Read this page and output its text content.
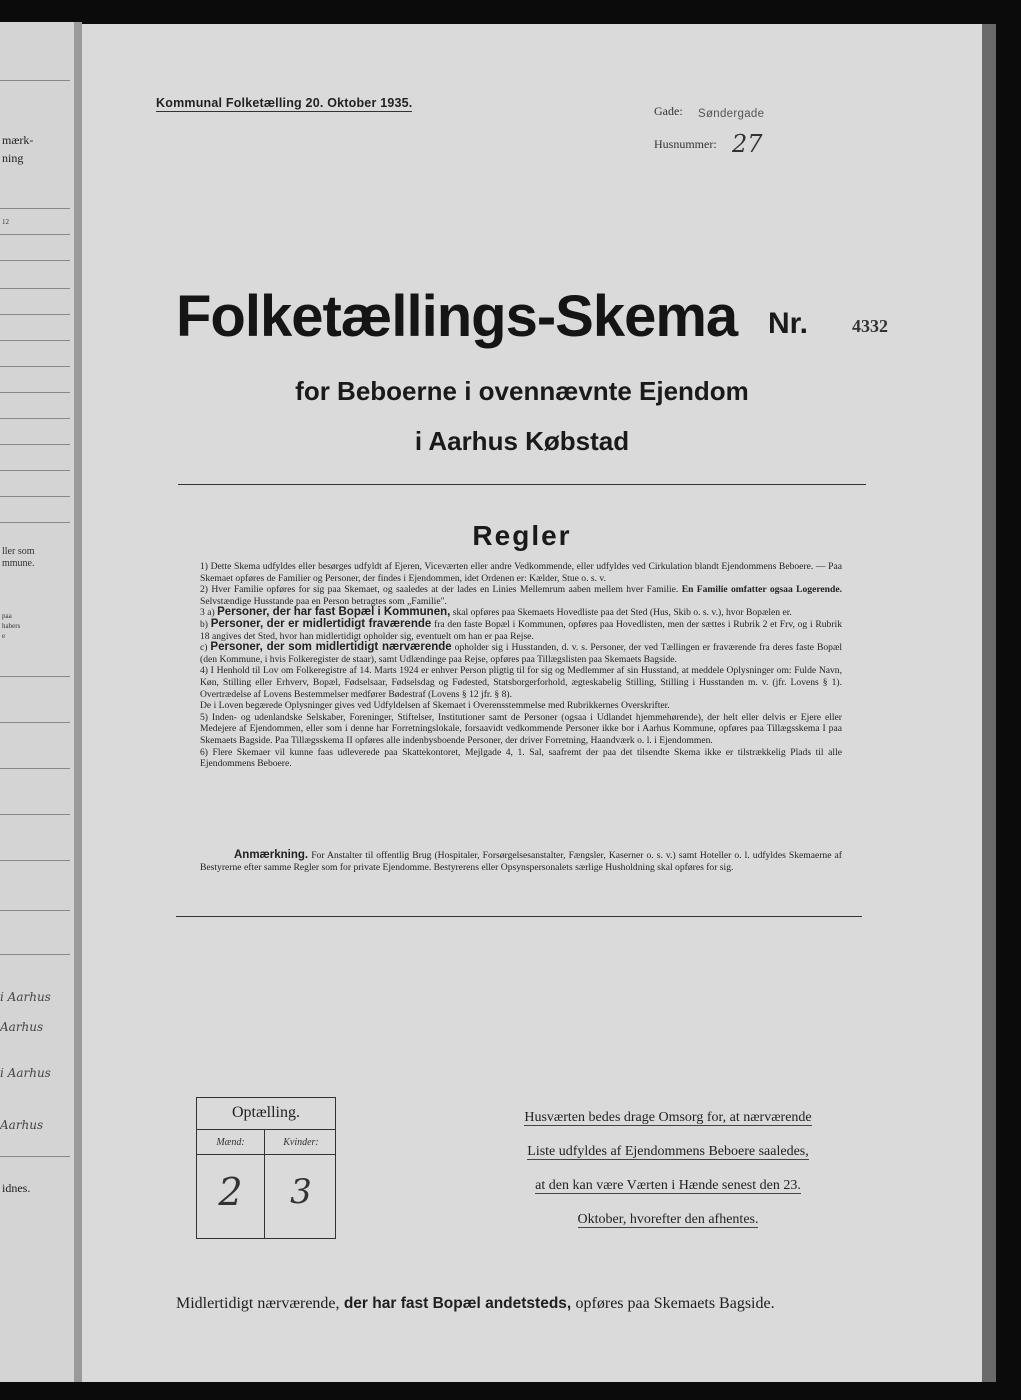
mærk-
ning
12
ller som
mmune.
paa
habers
e
i Aarhus
Aarhus
i Aarhus
Aarhus
idnes.
Kommunal Folketælling 20. Oktober 1935.
Gade: Søndergade
Husnummer: 27
Folketællings-Skema Nr. 4332
for Beboerne i ovennævnte Ejendom
i Aarhus Købstad
Regler

1) Dette Skema udfyldes eller besørges udfyldt af Ejeren, Viceværten eller andre Vedkommende, eller udfyldes ved Cirkulation blandt Ejendommens Beboere. — Paa Skemaet opføres de Familier og Personer, der findes i Ejendommen, idet Ordenen er: Kælder, Stue o. s. v.

2) Hver Familie opføres for sig paa Skemaet, og saaledes at der lades en Linies Mellemrum aaben mellem hver Familie. En Familie omfatter ogsaa Logerende. Selvstændige Husstande paa en Person betragtes som „Familie".

3 a) Personer, der har fast Bopæl i Kommunen, skal opføres paa Skemaets Hovedliste paa det Sted (Hus, Skib o. s. v.), hvor Bopælen er.

b) Personer, der er midlertidigt fraværende fra den faste Bopæl i Kommunen, opføres paa Hovedlisten, men der sættes i Rubrik 2 et Frv, og i Rubrik 18 angives det Sted, hvor han midlertidigt opholder sig, eventuelt om han er paa Rejse.

c) Personer, der som midlertidigt nærværende opholder sig i Husstanden, d. v. s. Personer, der ved Tællingen er fraværende fra deres faste Bopæl (den Kommune, i hvis Folkeregister de staar), samt Udlændinge paa Rejse, opføres paa Tillægslisten paa Skemaets Bagside.

4) I Henhold til Lov om Folkeregistre af 14. Marts 1924 er enhver Person pligtig til for sig og Medlemmer af sin Husstand, at meddele Oplysninger om: Fulde Navn, Køn, Stilling eller Erhverv, Bopæl, Fødselsaar, Fødselsdag og Fødested, Statsborgerforhold, ægteskabelig Stilling, Stilling i Husstanden m. v. (jfr. Lovens § 1). Overtrædelse af Lovens Bestemmelser medfører Bødestraf (Lovens § 12 jfr. § 8).

De i Loven begærede Oplysninger gives ved Udfyldelsen af Skemaet i Overensstemmelse med Rubrikkernes Overskrifter.

5) Inden- og udenlandske Selskaber, Foreninger, Stiftelser, Institutioner samt de Personer (ogsaa i Udlandet hjemmehørende), der helt eller delvis er Ejere eller Medejere af Ejendommen, eller som i denne har Forretningslokale, forsaavidt vedkommende Personer ikke bor i Aarhus Kommune, opføres paa Tillægsskema I paa Skemaets Bagside. Paa Tillægsskema II opføres alle indenbysboende Personer, der driver Forretning, Haandværk o. l. i Ejendommen.

6) Flere Skemaer vil kunne faas udleverede paa Skattekontoret, Mejlgade 4, 1. Sal, saafremt der paa det tilsendte Skema ikke er tilstrækkelig Plads til alle Ejendommens Beboere.

Anmærkning. For Anstalter til offentlig Brug (Hospitaler, Forsørgelsesanstalter, Fængsler, Kaserner o. s. v.) samt Hoteller o. l. udfyldes Skemaerne af Bestyrerne efter samme Regler som for private Ejendomme. Bestyrerens eller Opsynspersonalets særlige Husholdning skal opføres for sig.
Optælling.
Mænd:	Kvinder:
2	3
Husværten bedes drage Omsorg for, at nærværende
Liste udfyldes af Ejendommens Beboere saaledes,
at den kan være Værten i Hænde senest den 23.
Oktober, hvorefter den afhentes.
Midlertidigt nærværende, der har fast Bopæl andetsteds, opføres paa Skemaets Bagside.
